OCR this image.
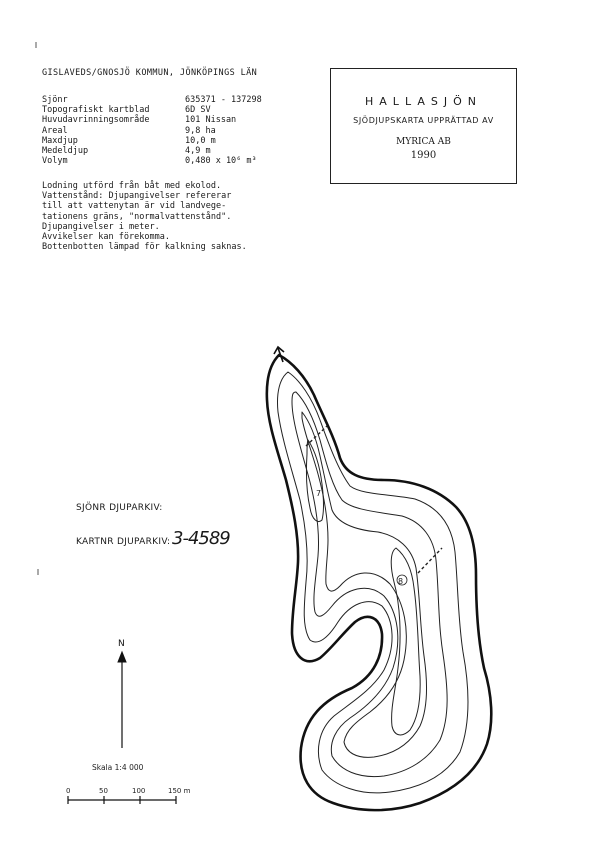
GISLAVEDS/GNOSJÖ KOMMUN, JÖNKÖPINGS LÄN
Sjönr	635371 - 137298
Topografiskt kartblad	6D SV
Huvudavrinningsområde	101 Nissan
Areal	9,8 ha
Maxdjup	10,0 m
Medeldjup	4,9 m
Volym	0,480 x 10⁶ m³
Lodning utförd från båt med ekolod.
Vattenstånd: Djupangivelser refererar
till att vattenytan är vid landvege-
tationens gräns, "normalvattenstånd".
Djupangivelser i meter.
Avvikelser kan förekomma.
Bottenbotten lämpad för kalkning saknas.
HALLASJÖN
SJÖDJUPSKARTA UPPRÄTTAD AV
MYRICA AB
1990
SJÖNR DJUPARKIV:
KARTNR DJUPARKIV: 3-4589
7
8
N
Skala 1:4 000
0	50	100	150 m
